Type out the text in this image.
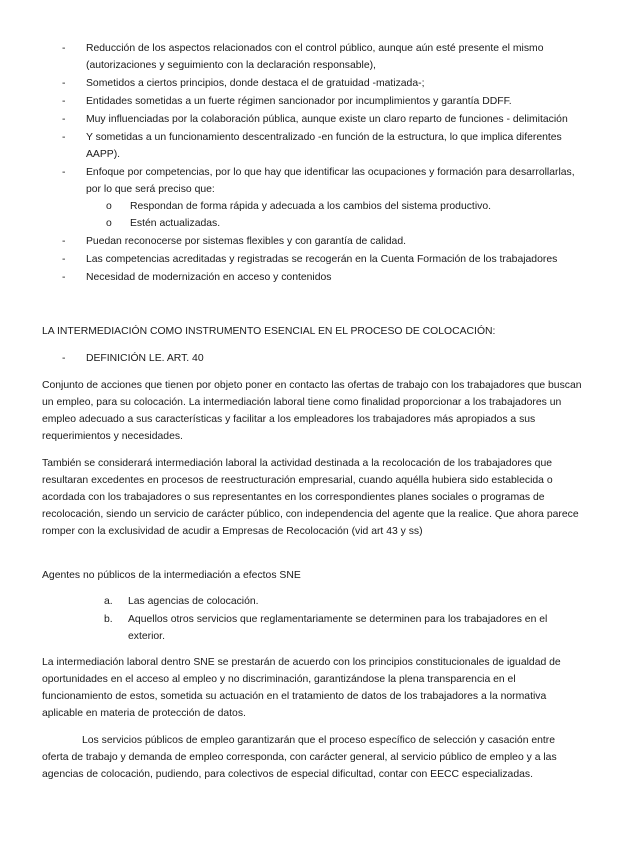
- Reducción de los aspectos relacionados con el control público, aunque aún esté presente el mismo (autorizaciones y seguimiento con la declaración responsable),
- Sometidos a ciertos principios, donde destaca el de gratuidad -matizada-;
- Entidades sometidas a un fuerte régimen sancionador por incumplimientos y garantía DDFF.
- Muy influenciadas por la colaboración pública, aunque existe un claro reparto de funciones - delimitación
- Y sometidas a un funcionamiento descentralizado -en función de la estructura, lo que implica diferentes AAPP).
- Enfoque por competencias, por lo que hay que identificar las ocupaciones y formación para desarrollarlas, por lo que será preciso que:
o Respondan de forma rápida y adecuada a los cambios del sistema productivo.
o Estén actualizadas.
- Puedan reconocerse por sistemas flexibles y con garantía de calidad.
- Las competencias acreditadas y registradas se recogerán en la Cuenta Formación de los trabajadores
- Necesidad de modernización en acceso y contenidos

LA INTERMEDIACIÓN COMO INSTRUMENTO ESENCIAL EN EL PROCESO DE COLOCACIÓN:

- DEFINICIÓN LE. ART. 40

Conjunto de acciones que tienen por objeto poner en contacto las ofertas de trabajo con los trabajadores que buscan un empleo, para su colocación. La intermediación laboral tiene como finalidad proporcionar a los trabajadores un empleo adecuado a sus características y facilitar a los empleadores los trabajadores más apropiados a sus requerimientos y necesidades.

También se considerará intermediación laboral la actividad destinada a la recolocación de los trabajadores que resultaran excedentes en procesos de reestructuración empresarial, cuando aquélla hubiera sido establecida o acordada con los trabajadores o sus representantes en los correspondientes planes sociales o programas de recolocación, siendo un servicio de carácter público, con independencia del agente que la realice. Que ahora parece romper con la exclusividad de acudir a Empresas de Recolocación (vid art 43 y ss)

Agentes no públicos de la intermediación a efectos SNE

a. Las agencias de colocación.
b. Aquellos otros servicios que reglamentariamente se determinen para los trabajadores en el exterior.

La intermediación laboral dentro SNE se prestarán de acuerdo con los principios constitucionales de igualdad de oportunidades en el acceso al empleo y no discriminación, garantizándose la plena transparencia en el funcionamiento de estos, sometida su actuación en el tratamiento de datos de los trabajadores a la normativa aplicable en materia de protección de datos.

Los servicios públicos de empleo garantizarán que el proceso específico de selección y casación entre oferta de trabajo y demanda de empleo corresponda, con carácter general, al servicio público de empleo y a las agencias de colocación, pudiendo, para colectivos de especial dificultad, contar con EECC especializadas.
